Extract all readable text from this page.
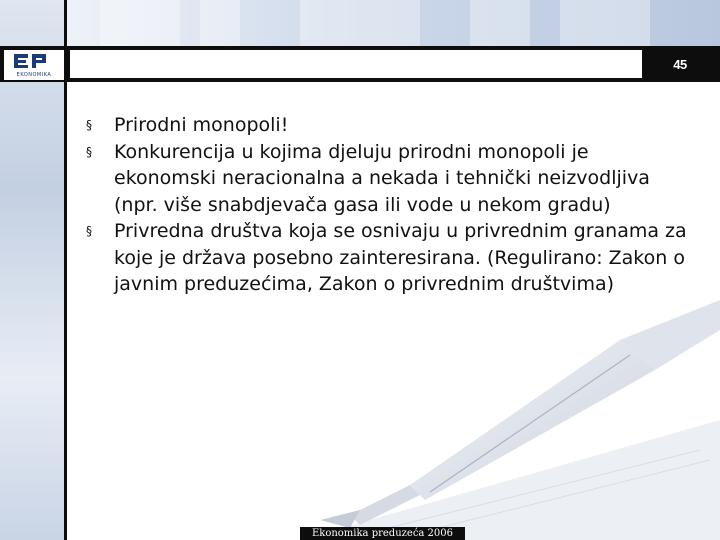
EKONOMIKA
45

§ Prirodni monopoli!

§ Konkurencija u kojima djeluju prirodni monopoli je ekonomski neracionalna a nekada i tehnički neizvodljiva (npr. više snabdjevača gasa ili vode u nekom gradu)

§ Privredna društva koja se osnivaju u privrednim granama za koje je država posebno zainteresirana. (Regulirano: Zakon o javnim preduzećima, Zakon o privrednim društvima)

Ekonomika preduzeća 2006
